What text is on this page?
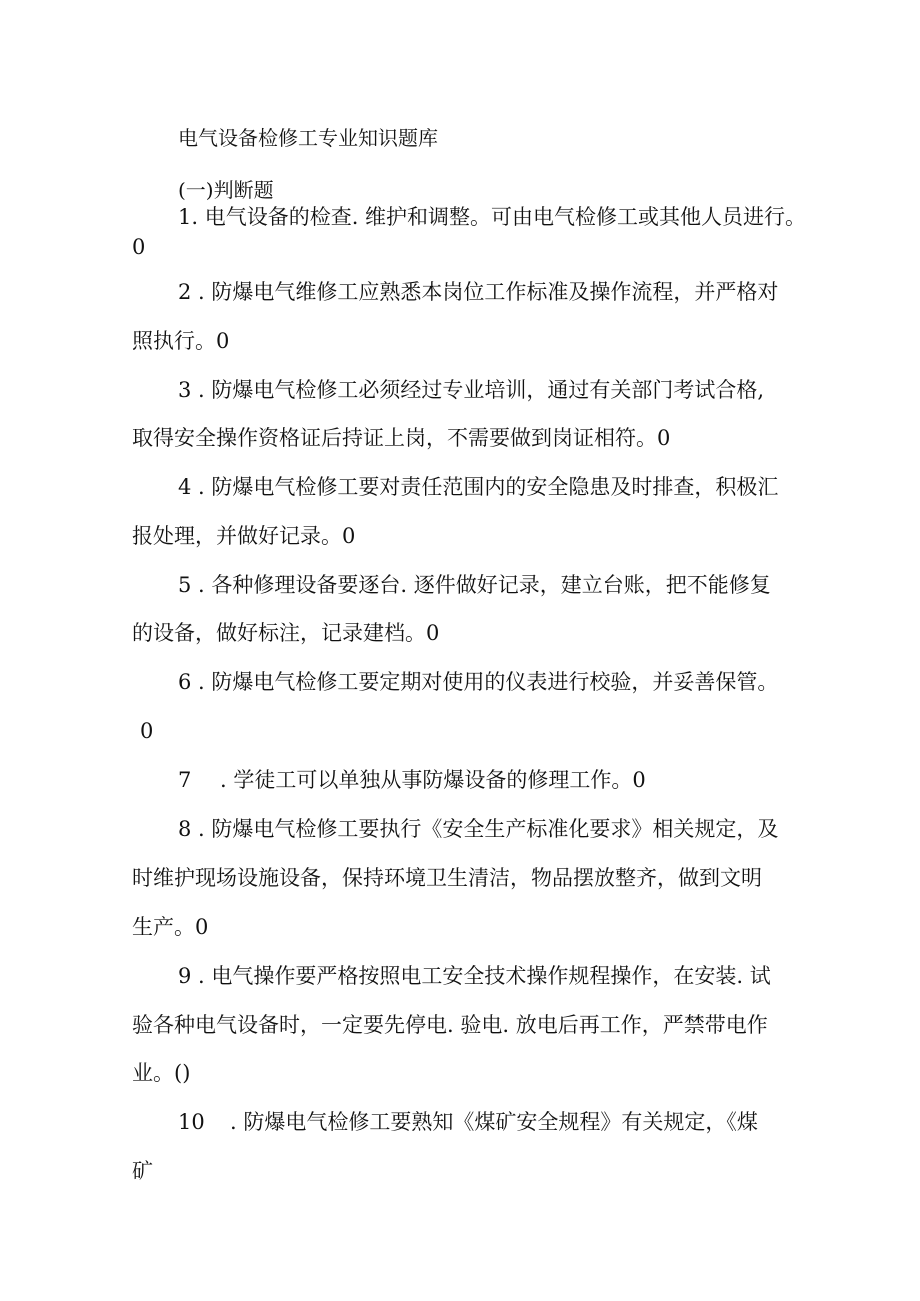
电气设备检修工专业知识题库
(一)判断题
1. 电气设备的检查. 维护和调整。可由电气检修工或其他人员进行。
0
2 . 防爆电气维修工应熟悉本岗位工作标准及操作流程，并严格对
照执行。0
3 . 防爆电气检修工必须经过专业培训，通过有关部门考试合格,
取得安全操作资格证后持证上岗，不需要做到岗证相符。0
4 . 防爆电气检修工要对责任范围内的安全隐患及时排查，积极汇
报处理，并做好记录。0
5 . 各种修理设备要逐台. 逐件做好记录，建立台账，把不能修复
的设备，做好标注，记录建档。0
6 . 防爆电气检修工要定期对使用的仪表进行校验，并妥善保管。
0
7 . 学徒工可以单独从事防爆设备的修理工作。0
8 . 防爆电气检修工要执行《安全生产标准化要求》相关规定，及
时维护现场设施设备，保持环境卫生清洁，物品摆放整齐，做到文明
生产。0
9 . 电气操作要严格按照电工安全技术操作规程操作，在安装. 试
验各种电气设备时，一定要先停电. 验电. 放电后再工作，严禁带电作
业。()
10 . 防爆电气检修工要熟知《煤矿安全规程》有关规定，《煤
矿
